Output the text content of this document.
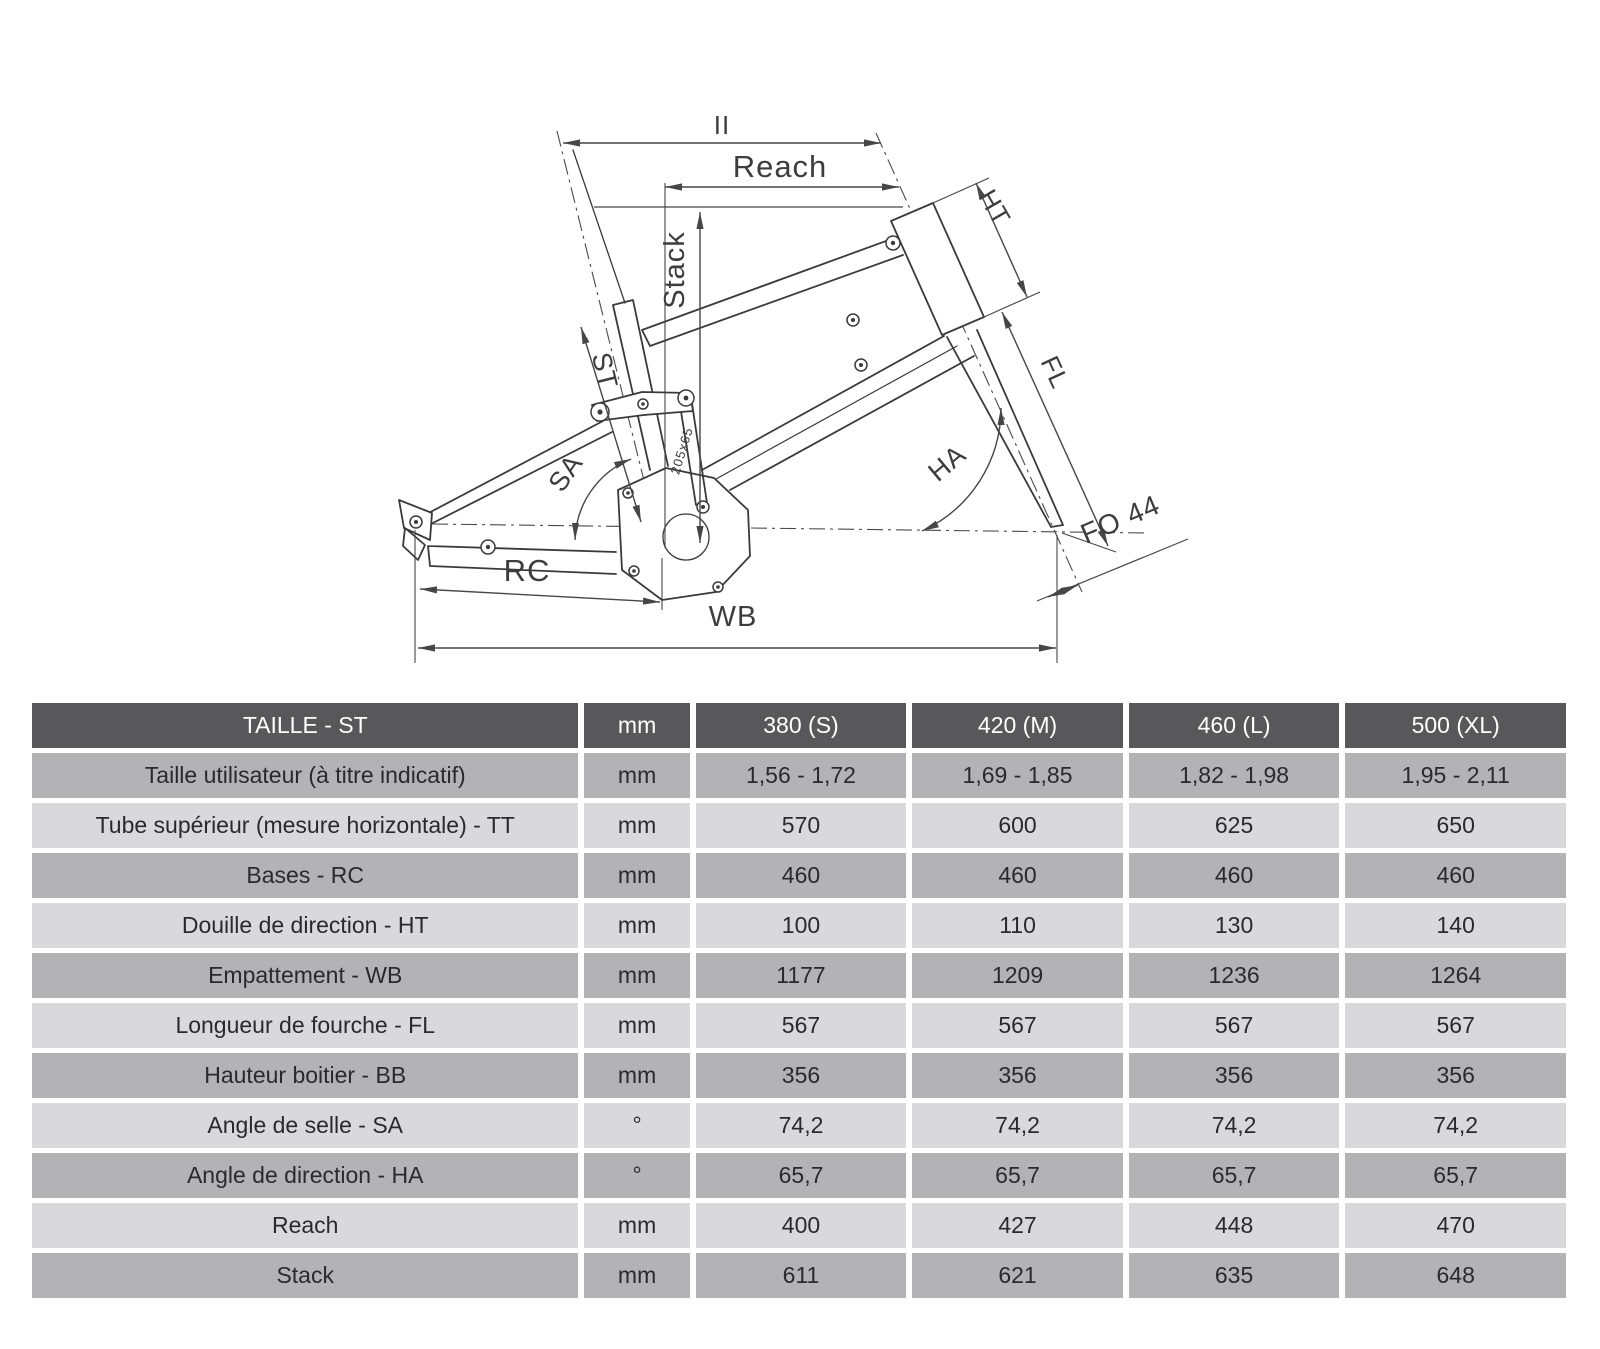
II
Reach
Stack
ST
SA	205x65
HT
FL
HA
FO 44
RC
WB
TAILLE - ST	mm	380 (S)	420 (M)	460 (L)	500 (XL)
Taille utilisateur (à titre indicatif)	mm	1,56 - 1,72	1,69 - 1,85	1,82 - 1,98	1,95 - 2,11
Tube supérieur (mesure horizontale) - TT	mm	570	600	625	650
Bases - RC	mm	460	460	460	460
Douille de direction - HT	mm	100	110	130	140
Empattement - WB	mm	1177	1209	1236	1264
Longueur de fourche - FL	mm	567	567	567	567
Hauteur boitier - BB	mm	356	356	356	356
Angle de selle - SA	°	74,2	74,2	74,2	74,2
Angle de direction - HA	°	65,7	65,7	65,7	65,7
Reach	mm	400	427	448	470
Stack	mm	611	621	635	648
